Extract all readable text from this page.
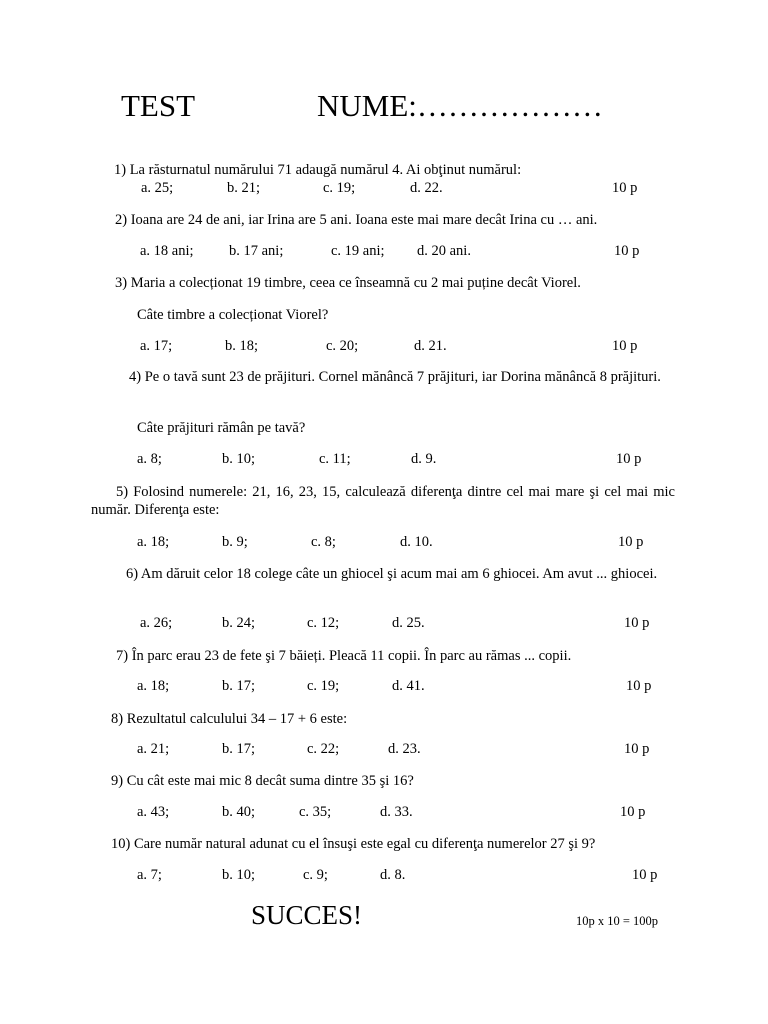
TEST	NUME:………………
1) La răsturnatul numărului 71 adaugă numărul 4. Ai obţinut numărul:
a. 25;	b. 21;	c. 19;	d. 22.	10 p
2) Ioana are 24 de ani, iar Irina are 5 ani. Ioana este mai mare decât Irina cu … ani.
a. 18 ani; b. 17 ani;	c. 19 ani; d. 20 ani.	10 p
3) Maria a colecționat 19 timbre, ceea ce înseamnă cu 2 mai puține decât Viorel.
Câte timbre a colecționat Viorel?
a. 17;	b. 18;	c. 20;	d. 21.	10 p
4) Pe o tavă sunt 23 de prăjituri. Cornel mănâncă 7 prăjituri, iar Dorina mănâncă 8 prăjituri.
Câte prăjituri rămân pe tavă?
a. 8;	b. 10;	c. 11;	d. 9.	10 p
5) Folosind numerele: 21, 16, 23, 15, calculează diferenţa dintre cel mai mare şi cel mai mic număr. Diferenţa este:
a. 18;	b. 9;	c. 8;	d. 10.	10 p
6) Am dăruit celor 18 colege câte un ghiocel şi acum mai am 6 ghiocei. Am avut ... ghiocei.
a. 26;	b. 24;	c. 12;	d. 25.	10 p
7) În parc erau 23 de fete şi 7 băieți. Pleacă 11 copii. În parc au rămas ... copii.
a. 18;	b. 17;	c. 19;	d. 41.	10 p
8) Rezultatul calculului 34 – 17 + 6 este:
a. 21;	b. 17;	c. 22;	d. 23.	10 p
9) Cu cât este mai mic 8 decât suma dintre 35 şi 16?
a. 43;	b. 40;	c. 35;	d. 33.	10 p
10) Care număr natural adunat cu el însuşi este egal cu diferenţa numerelor 27 şi 9?
a. 7;	b. 10;	c. 9;	d. 8.	10 p
SUCCES!	10p x 10 = 100p
